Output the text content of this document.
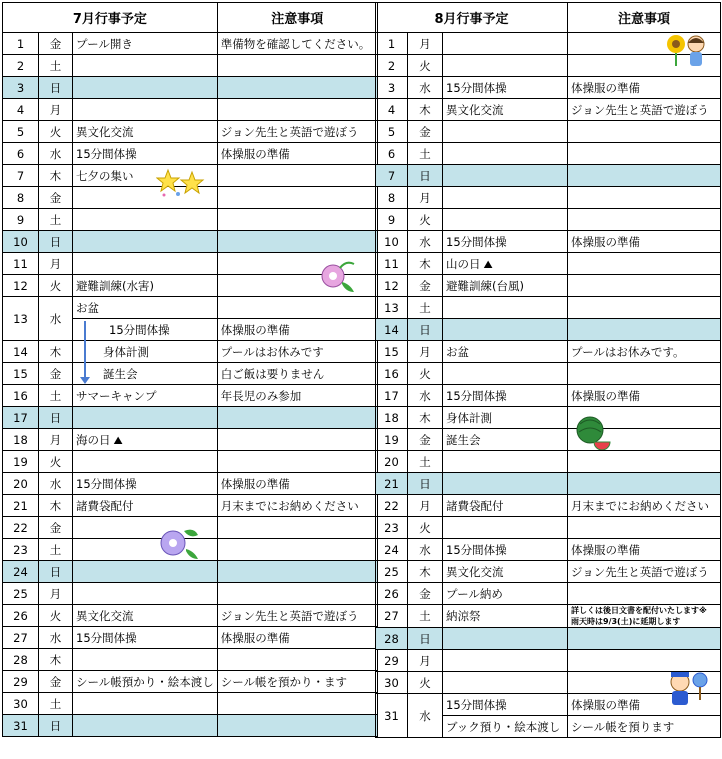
7月行事予定			注意事項
1	金	プール開き	準備物を確認してください。
2	土		
3	日		
4	月		
5	火	異文化交流	ジョン先生と英語で遊ぼう
6	水	15分間体操	体操服の準備
7	木	七夕の集い	
8	金		
9	土		
10	日		
11	月		
12	火	避難訓練(水害)	
13	水	お盆	
		15分間体操	体操服の準備
14	木	身体計測	プールはお休みです
15	金	誕生会	白ご飯は要りません
16	土	サマーキャンプ	年長児のみ参加
17	日		
18	月	海の日 ⛰	
19	火		
20	水	15分間体操	体操服の準備
21	木	諸費袋配付	月末までにお納めください
22	金		
23	土		
24	日		
25	月		
26	火	異文化交流	ジョン先生と英語で遊ぼう
27	水	15分間体操	体操服の準備
28	木		
29	金	シール帳預かり・絵本渡し	シール帳を預かり・ます
30	土		
31	日		
8月行事予定			注意事項
1	月		
2	火		
3	水	15分間体操	体操服の準備
4	木	異文化交流	ジョン先生と英語で遊ぼう
5	金		
6	土		
7	日		
8	月		
9	火		
10	水	15分間体操	体操服の準備
11	木	山の日 ⛰	
12	金	避難訓練(台風)	
13	土		
14	日		
15	月	お盆	プールはお休みです。
16	火		
17	水	15分間体操	体操服の準備
18	木	身体計測	
19	金	誕生会	
20	土		
21	日		
22	月	諸費袋配付	月末までにお納めください
23	火		
24	水	15分間体操	体操服の準備
25	木	異文化交流	ジョン先生と英語で遊ぼう
26	金	プール納め	
27	土	納涼祭	詳しくは後日文書を配付いたします※
雨天時は9/3(土)に延期します

28	日		
29	月		
30	火		
31	水	15分間体操	体操服の準備
		ブック預り・絵本渡し	シール帳を預ります
